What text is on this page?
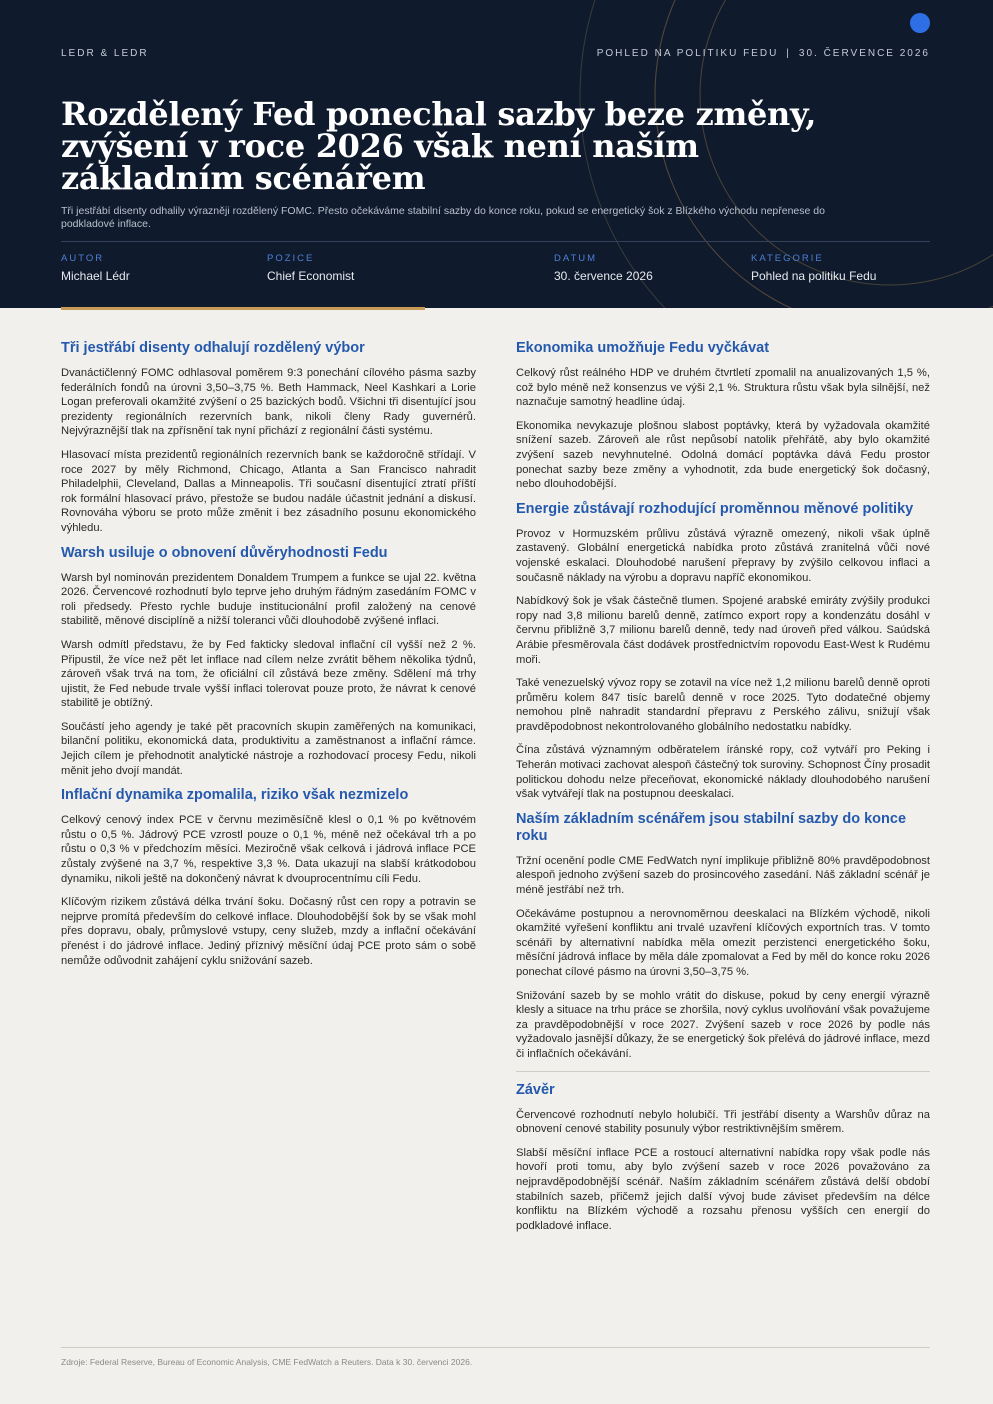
LEDR & LEDR	POHLED NA POLITIKU FEDU | 30. ČERVENCE 2026
Rozdělený Fed ponechal sazby beze změny, zvýšení v roce 2026 však není naším základním scénářem
Tři jestřábí disenty odhalily výrazněji rozdělený FOMC. Přesto očekáváme stabilní sazby do konce roku, pokud se energetický šok z Blízkého východu nepřenese do podkladové inflace.
AUTOR
Michael Lédr
POZICE
Chief Economist
DATUM
30. července 2026
KATEGORIE
Pohled na politiku Fedu
Tři jestřábí disenty odhalují rozdělený výbor

Dvanáctičlenný FOMC odhlasoval poměrem 9:3 ponechání cílového pásma sazby federálních fondů na úrovni 3,50–3,75 %. Beth Hammack, Neel Kashkari a Lorie Logan preferovali okamžité zvýšení o 25 bazických bodů. Všichni tři disentující jsou prezidenty regionálních rezervních bank, nikoli členy Rady guvernérů. Nejvýraznější tlak na zpřísnění tak nyní přichází z regionální části systému.

Hlasovací místa prezidentů regionálních rezervních bank se každoročně střídají. V roce 2027 by měly Richmond, Chicago, Atlanta a San Francisco nahradit Philadelphii, Cleveland, Dallas a Minneapolis. Tři současní disentující ztratí příští rok formální hlasovací právo, přestože se budou nadále účastnit jednání a diskusí. Rovnováha výboru se proto může změnit i bez zásadního posunu ekonomického výhledu.

Warsh usiluje o obnovení důvěryhodnosti Fedu

Warsh byl nominován prezidentem Donaldem Trumpem a funkce se ujal 22. května 2026. Červencové rozhodnutí bylo teprve jeho druhým řádným zasedáním FOMC v roli předsedy. Přesto rychle buduje institucionální profil založený na cenové stabilitě, měnové disciplíně a nižší toleranci vůči dlouhodobě zvýšené inflaci.

Warsh odmítl představu, že by Fed fakticky sledoval inflační cíl vyšší než 2 %. Připustil, že více než pět let inflace nad cílem nelze zvrátit během několika týdnů, zároveň však trvá na tom, že oficiální cíl zůstává beze změny. Sdělení má trhy ujistit, že Fed nebude trvale vyšší inflaci tolerovat pouze proto, že návrat k cenové stabilitě je obtížný.

Součástí jeho agendy je také pět pracovních skupin zaměřených na komunikaci, bilanční politiku, ekonomická data, produktivitu a zaměstnanost a inflační rámce. Jejich cílem je přehodnotit analytické nástroje a rozhodovací procesy Fedu, nikoli měnit jeho dvojí mandát.

Inflační dynamika zpomalila, riziko však nezmizelo

Celkový cenový index PCE v červnu meziměsíčně klesl o 0,1 % po květnovém růstu o 0,5 %. Jádrový PCE vzrostl pouze o 0,1 %, méně než očekával trh a po růstu o 0,3 % v předchozím měsíci. Meziročně však celková i jádrová inflace PCE zůstaly zvýšené na 3,7 %, respektive 3,3 %. Data ukazují na slabší krátkodobou dynamiku, nikoli ještě na dokončený návrat k dvouprocentnímu cíli Fedu.

Klíčovým rizikem zůstává délka trvání šoku. Dočasný růst cen ropy a potravin se nejprve promítá především do celkové inflace. Dlouhodobější šok by se však mohl přes dopravu, obaly, průmyslové vstupy, ceny služeb, mzdy a inflační očekávání přenést i do jádrové inflace. Jediný příznivý měsíční údaj PCE proto sám o sobě nemůže odůvodnit zahájení cyklu snižování sazeb.

Ekonomika umožňuje Fedu vyčkávat

Celkový růst reálného HDP ve druhém čtvrtletí zpomalil na anualizovaných 1,5 %, což bylo méně než konsenzus ve výši 2,1 %. Struktura růstu však byla silnější, než naznačuje samotný headline údaj.

Ekonomika nevykazuje plošnou slabost poptávky, která by vyžadovala okamžité snížení sazeb. Zároveň ale růst nepůsobí natolik přehřátě, aby bylo okamžité zvýšení sazeb nevyhnutelné. Odolná domácí poptávka dává Fedu prostor ponechat sazby beze změny a vyhodnotit, zda bude energetický šok dočasný, nebo dlouhodobější.

Energie zůstávají rozhodující proměnnou měnové politiky

Provoz v Hormuzském průlivu zůstává výrazně omezený, nikoli však úplně zastavený. Globální energetická nabídka proto zůstává zranitelná vůči nové vojenské eskalaci. Dlouhodobé narušení přepravy by zvýšilo celkovou inflaci a současně náklady na výrobu a dopravu napříč ekonomikou.

Nabídkový šok je však částečně tlumen. Spojené arabské emiráty zvýšily produkci ropy nad 3,8 milionu barelů denně, zatímco export ropy a kondenzátu dosáhl v červnu přibližně 3,7 milionu barelů denně, tedy nad úroveň před válkou. Saúdská Arábie přesměrovala část dodávek prostřednictvím ropovodu East-West k Rudému moři.

Také venezuelský vývoz ropy se zotavil na více než 1,2 milionu barelů denně oproti průměru kolem 847 tisíc barelů denně v roce 2025. Tyto dodatečné objemy nemohou plně nahradit standardní přepravu z Perského zálivu, snižují však pravděpodobnost nekontrolovaného globálního nedostatku nabídky.

Čína zůstává významným odběratelem íránské ropy, což vytváří pro Peking i Teherán motivaci zachovat alespoň částečný tok suroviny. Schopnost Číny prosadit politickou dohodu nelze přeceňovat, ekonomické náklady dlouhodobého narušení však vytvářejí tlak na postupnou deeskalaci.

Naším základním scénářem jsou stabilní sazby do konce roku

Tržní ocenění podle CME FedWatch nyní implikuje přibližně 80% pravděpodobnost alespoň jednoho zvýšení sazeb do prosincového zasedání. Náš základní scénář je méně jestřábí než trh.

Očekáváme postupnou a nerovnoměrnou deeskalaci na Blízkém východě, nikoli okamžité vyřešení konfliktu ani trvalé uzavření klíčových exportních tras. V tomto scénáři by alternativní nabídka měla omezit perzistenci energetického šoku, měsíční jádrová inflace by měla dále zpomalovat a Fed by měl do konce roku 2026 ponechat cílové pásmo na úrovni 3,50–3,75 %.

Snižování sazeb by se mohlo vrátit do diskuse, pokud by ceny energií výrazně klesly a situace na trhu práce se zhoršila, nový cyklus uvolňování však považujeme za pravděpodobnější v roce 2027. Zvýšení sazeb v roce 2026 by podle nás vyžadovalo jasnější důkazy, že se energetický šok přelévá do jádrové inflace, mezd či inflačních očekávání.

Závěr

Červencové rozhodnutí nebylo holubičí. Tři jestřábí disenty a Warshův důraz na obnovení cenové stability posunuly výbor restriktivnějším směrem.

Slabší měsíční inflace PCE a rostoucí alternativní nabídka ropy však podle nás hovoří proti tomu, aby bylo zvýšení sazeb v roce 2026 považováno za nejpravděpodobnější scénář. Naším základním scénářem zůstává delší období stabilních sazeb, přičemž jejich další vývoj bude záviset především na délce konfliktu na Blízkém východě a rozsahu přenosu vyšších cen energií do podkladové inflace.

Zdroje: Federal Reserve, Bureau of Economic Analysis, CME FedWatch a Reuters. Data k 30. červenci 2026.
